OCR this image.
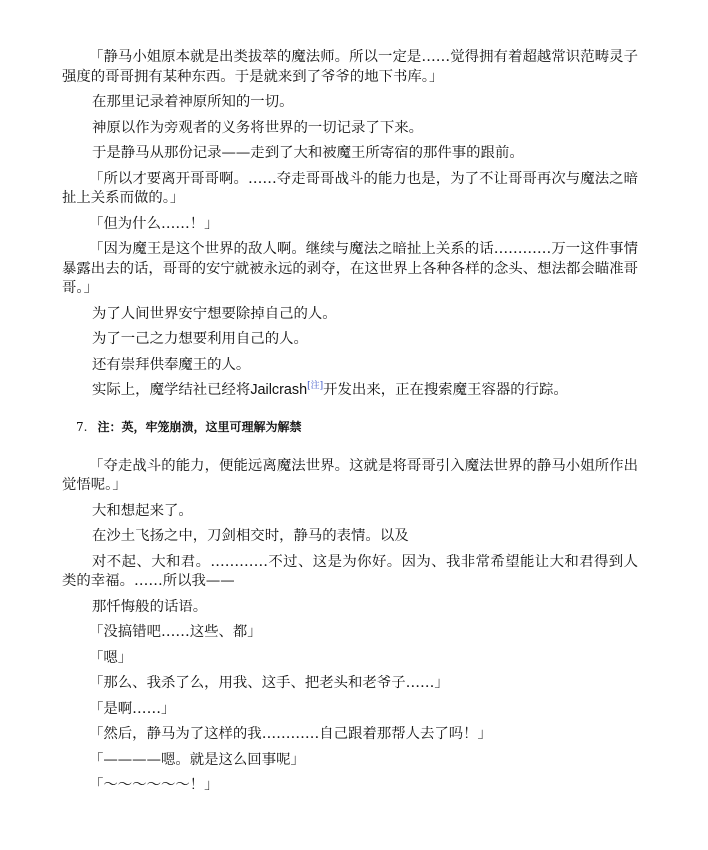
「静马小姐原本就是出类拔萃的魔法师。所以一定是……觉得拥有着超越常识范畴灵子强度的哥哥拥有某种东西。于是就来到了爷爷的地下书库。」

在那里记录着神原所知的一切。

神原以作为旁观者的义务将世界的一切记录了下来。

于是静马从那份记录——走到了大和被魔王所寄宿的那件事的跟前。

「所以才要离开哥哥啊。……夺走哥哥战斗的能力也是，为了不让哥哥再次与魔法之暗扯上关系而做的。」

「但为什么……！」

「因为魔王是这个世界的敌人啊。继续与魔法之暗扯上关系的话…………万一这件事情暴露出去的话，哥哥的安宁就被永远的剥夺，在这世界上各种各样的念头、想法都会瞄准哥哥。」

为了人间世界安宁想要除掉自己的人。

为了一己之力想要利用自己的人。

还有崇拜供奉魔王的人。

实际上，魔学结社已经将Jailcrash[注]开发出来，正在搜索魔王容器的行踪。

7. 注：英，牢笼崩溃，这里可理解为解禁

「夺走战斗的能力，便能远离魔法世界。这就是将哥哥引入魔法世界的静马小姐所作出觉悟呢。」

大和想起来了。

在沙土飞扬之中，刀剑相交时，静马的表情。以及

对不起、大和君。…………不过、这是为你好。因为、我非常希望能让大和君得到人类的幸福。……所以我——

那忏悔般的话语。

「没搞错吧……这些、都」

「嗯」

「那么、我杀了么，用我、这手、把老头和老爷子……」

「是啊……」

「然后，静马为了这样的我…………自己跟着那帮人去了吗！」

「————嗯。就是这么回事呢」

「～～～～～～！」
